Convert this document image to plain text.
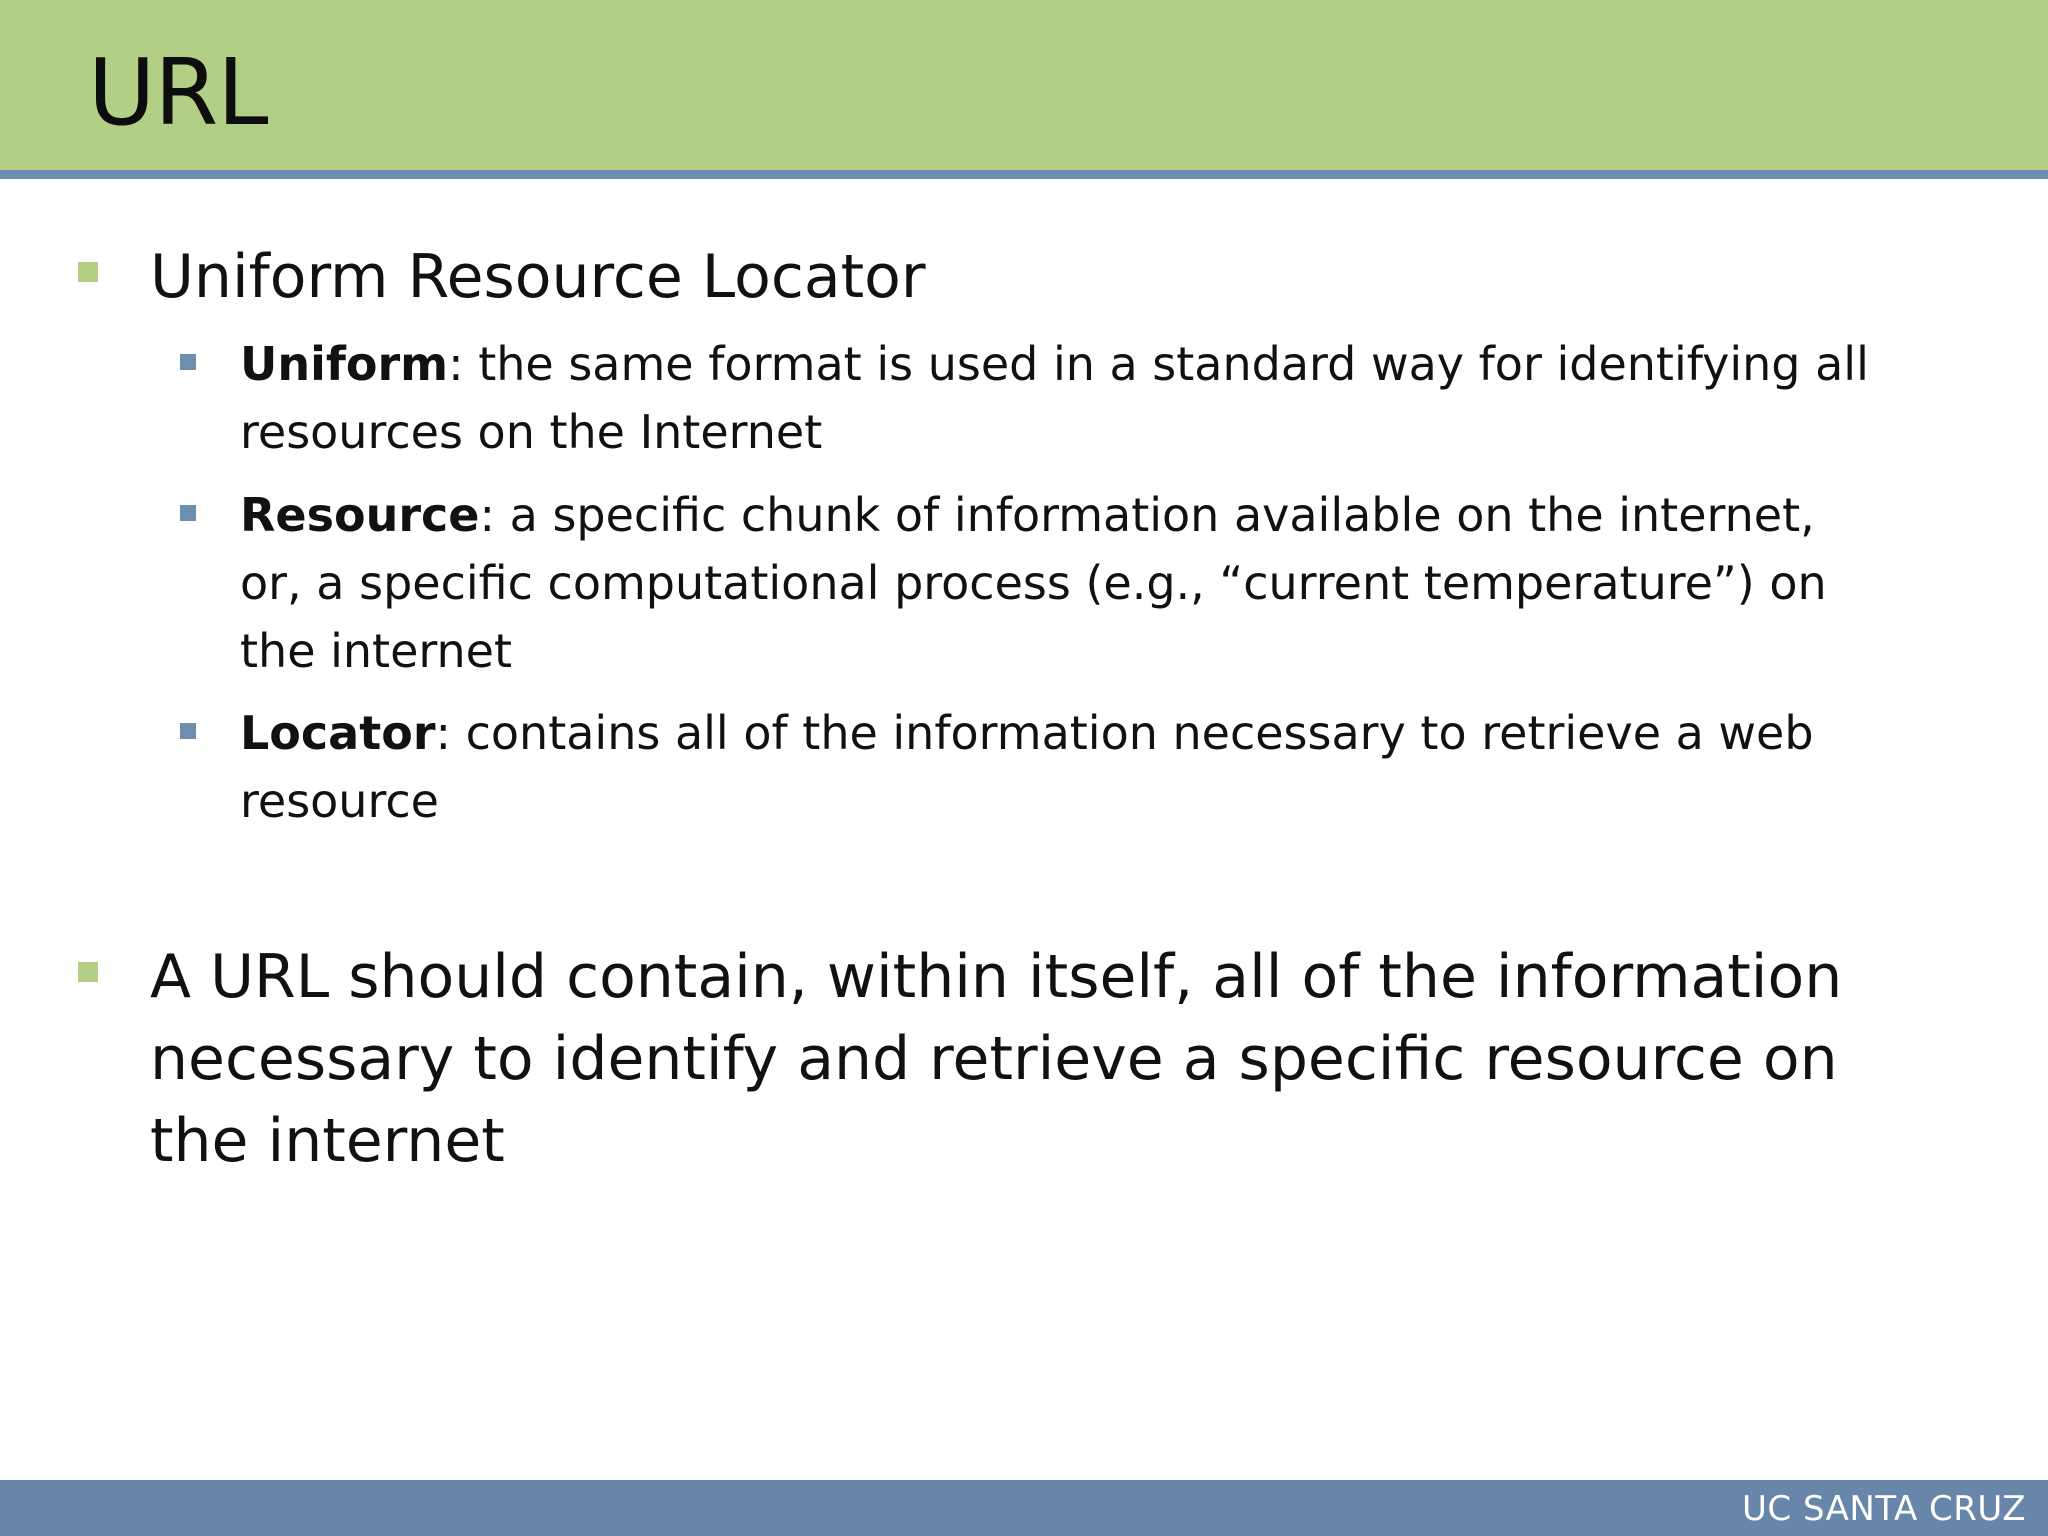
URL
Uniform Resource Locator
Uniform: the same format is used in a standard way for identifying all resources on the Internet
Resource: a specific chunk of information available on the internet, or, a specific computational process (e.g., “current temperature”) on the internet
Locator: contains all of the information necessary to retrieve a web resource
A URL should contain, within itself, all of the information necessary to identify and retrieve a specific resource on the internet
UC SANTA CRUZ
